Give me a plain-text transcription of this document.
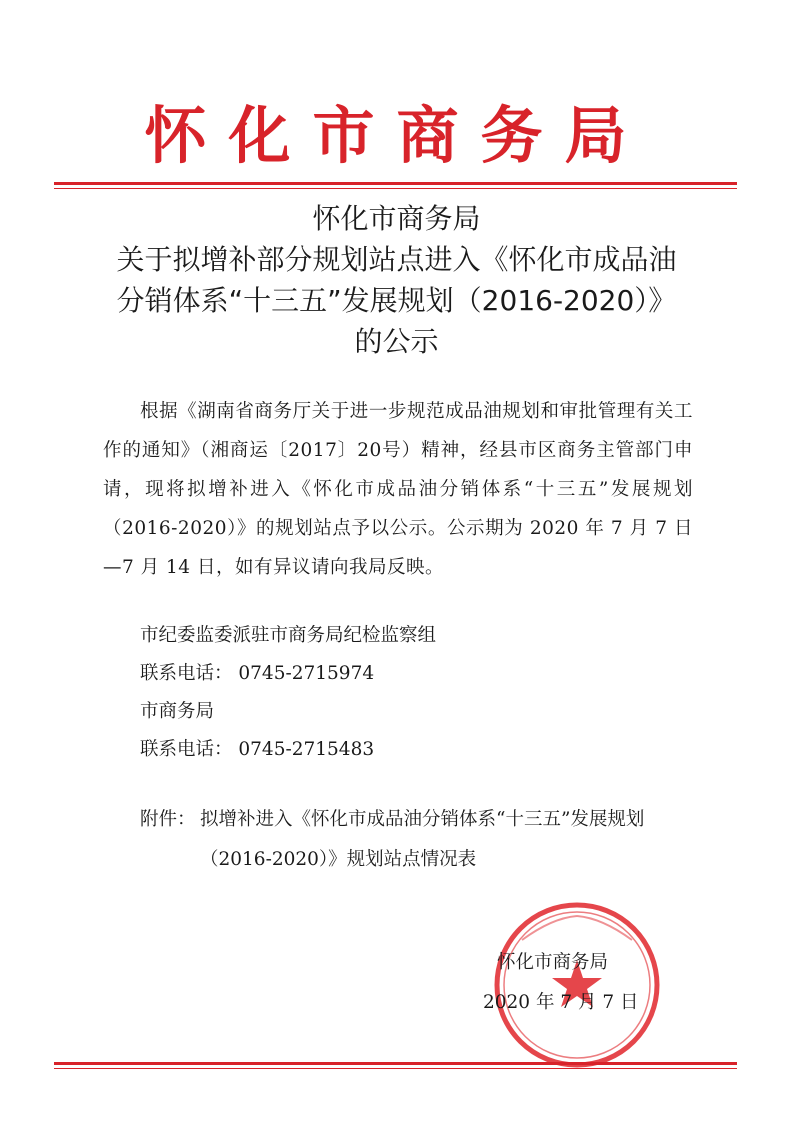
怀化市商务局
怀化市商务局
关于拟增补部分规划站点进入《怀化市成品油
分销体系“十三五”发展规划（2016-2020）》
的公示
根据《湖南省商务厅关于进一步规范成品油规划和审批管理有关工作的通知》（湘商运〔2017〕20号）精神，经县市区商务主管部门申请，现将拟增补进入《怀化市成品油分销体系“十三五”发展规划（2016-2020）》的规划站点予以公示。公示期为 2020 年 7 月 7 日—7 月 14 日，如有异议请向我局反映。
市纪委监委派驻市商务局纪检监察组
联系电话： 0745-2715974
市商务局
联系电话： 0745-2715483
附件： 拟增补进入《怀化市成品油分销体系“十三五”发展规划（2016-2020）》规划站点情况表
怀化市商务局
2020 年 7 月 7 日
